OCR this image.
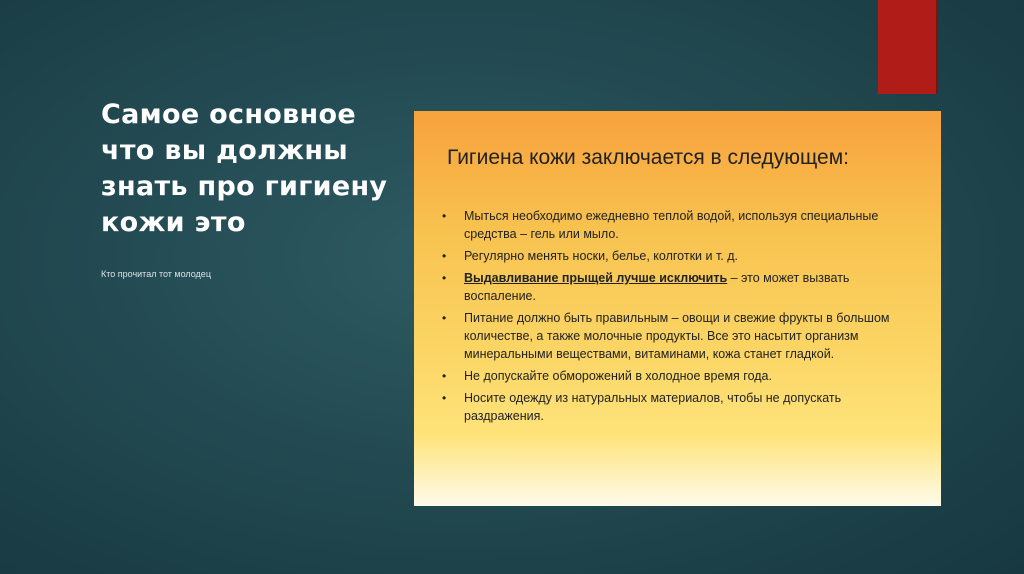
Самое основное
что вы должны
знать про гигиену
кожи это
Кто прочитал тот молодец
Гигиена кожи заключается в следующем:
• Мыться необходимо ежедневно теплой водой, используя специальные средства – гель или мыло.
• Регулярно менять носки, белье, колготки и т. д.
• Выдавливание прыщей лучше исключить – это может вызвать воспаление.
• Питание должно быть правильным – овощи и свежие фрукты в большом количестве, а также молочные продукты. Все это насытит организм минеральными веществами, витаминами, кожа станет гладкой.
• Не допускайте обморожений в холодное время года.
• Носите одежду из натуральных материалов, чтобы не допускать раздражения.
